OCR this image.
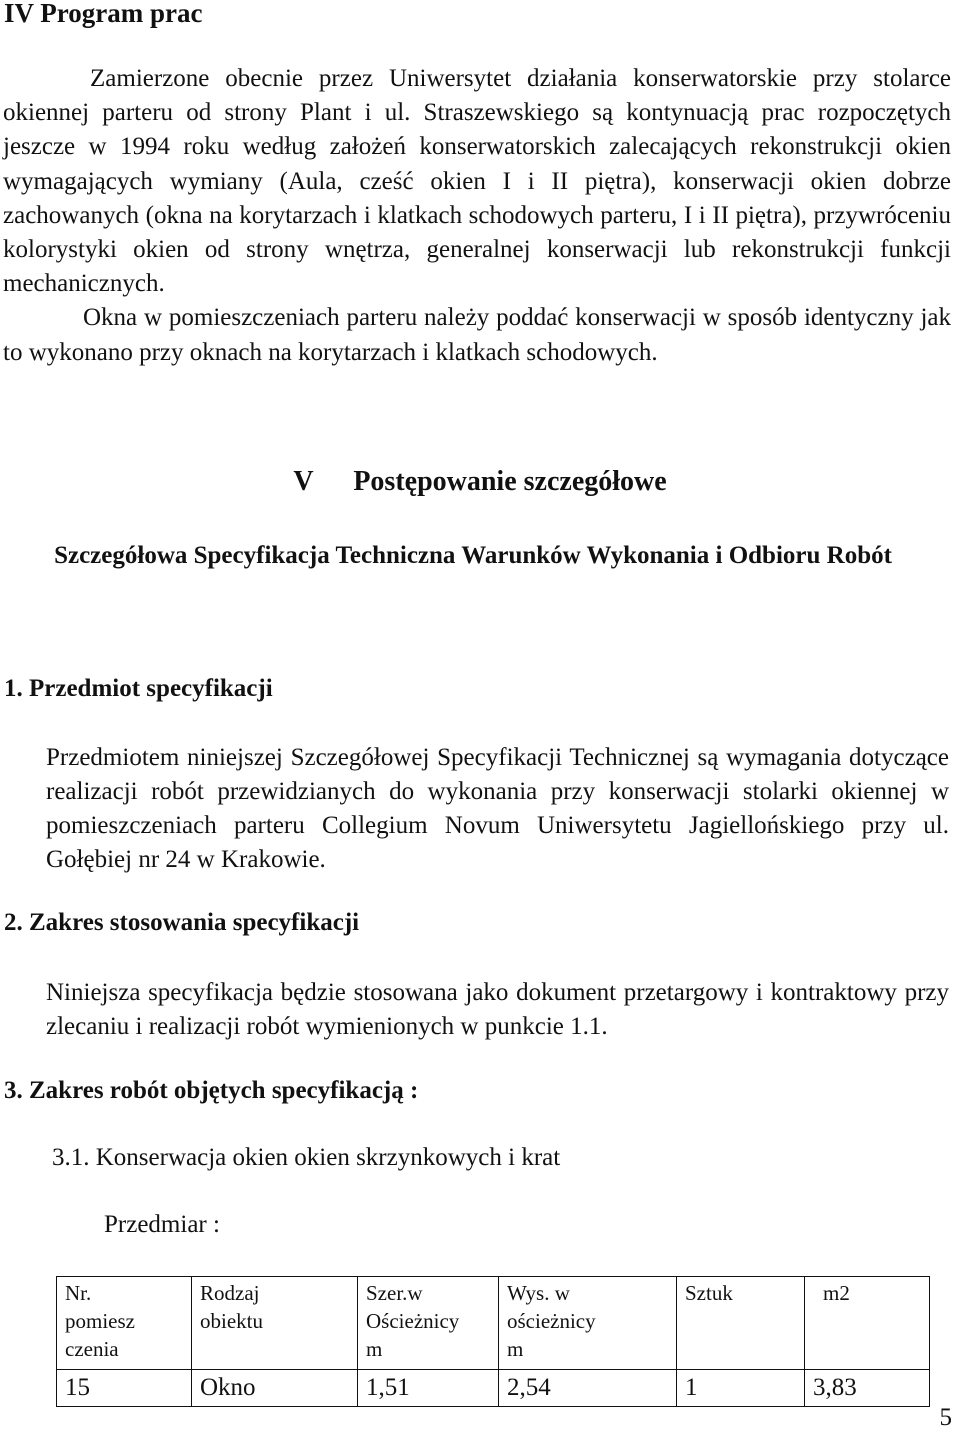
IV Program prac
Zamierzone obecnie przez Uniwersytet działania konserwatorskie przy stolarce okiennej parteru od strony Plant i ul. Straszewskiego są kontynuacją prac rozpoczętych jeszcze w 1994 roku według założeń konserwatorskich zalecających rekonstrukcji okien wymagających wymiany (Aula, cześć okien I i II piętra), konserwacji okien dobrze zachowanych (okna na korytarzach i klatkach schodowych parteru, I i II piętra), przywróceniu kolorystyki okien od strony wnętrza, generalnej konserwacji lub rekonstrukcji funkcji mechanicznych.
Okna w pomieszczeniach parteru należy poddać konserwacji w sposób identyczny jak to wykonano przy oknach na korytarzach i klatkach schodowych.
V Postępowanie szczegółowe
Szczegółowa Specyfikacja Techniczna Warunków Wykonania i Odbioru Robót
1. Przedmiot specyfikacji

Przedmiotem niniejszej Szczegółowej Specyfikacji Technicznej są wymagania dotyczące realizacji robót przewidzianych do wykonania przy konserwacji stolarki okiennej w pomieszczeniach parteru Collegium Novum Uniwersytetu Jagiellońskiego przy ul. Gołębiej nr 24 w Krakowie.

2. Zakres stosowania specyfikacji

Niniejsza specyfikacja będzie stosowana jako dokument przetargowy i kontraktowy przy zlecaniu i realizacji robót wymienionych w punkcie 1.1.

3. Zakres robót objętych specyfikacją :
3.1. Konserwacja okien okien skrzynkowych i krat
Przedmiar :
Nr.
pomiesz
czenia	Rodzaj
obiektu	Szer.w
Ościeżnicy
m	Wys. w
ościeżnicy
m	Sztuk	m2
15	Okno	1,51	2,54	1	3,83
5
